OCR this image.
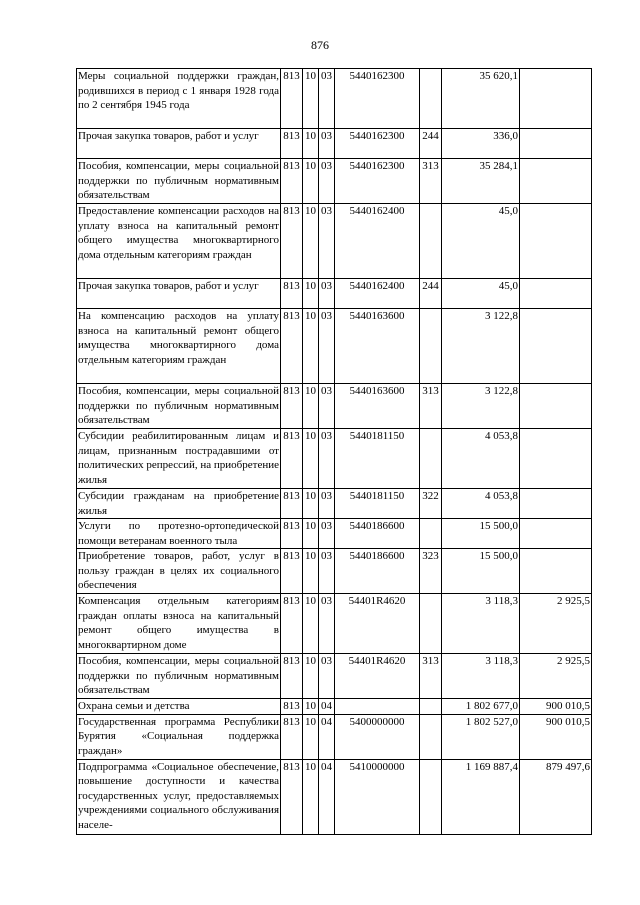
876
Меры социальной поддержки граждан, родившихся в период с 1 января 1928 года по 2 сентября 1945 года	813	10	03	5440162300		35 620,1	
Прочая закупка товаров, работ и услуг	813	10	03	5440162300	244	336,0	
Пособия, компенсации, меры социальной поддержки по публичным нормативным обязательствам	813	10	03	5440162300	313	35 284,1	
Предоставление компенсации расходов на уплату взноса на капитальный ремонт общего имущества многоквартирного дома отдельным категориям граждан	813	10	03	5440162400		45,0	
Прочая закупка товаров, работ и услуг	813	10	03	5440162400	244	45,0	
На компенсацию расходов на уплату взноса на капитальный ремонт общего имущества многоквартирного дома отдельным категориям граждан	813	10	03	5440163600		3 122,8	
Пособия, компенсации, меры социальной поддержки по публичным нормативным обязательствам	813	10	03	5440163600	313	3 122,8	
Субсидии реабилитированным лицам и лицам, признанным пострадавшими от политических репрессий, на приобретение жилья	813	10	03	5440181150		4 053,8	
Субсидии гражданам на приобретение жилья	813	10	03	5440181150	322	4 053,8	
Услуги по протезно-ортопедической помощи ветеранам военного тыла	813	10	03	5440186600		15 500,0	
Приобретение товаров, работ, услуг в пользу граждан в целях их социального обеспечения	813	10	03	5440186600	323	15 500,0	
Компенсация отдельным категориям граждан оплаты взноса на капитальный ремонт общего имущества в многоквартирном доме	813	10	03	54401R4620		3 118,3	2 925,5
Пособия, компенсации, меры социальной поддержки по публичным нормативным обязательствам	813	10	03	54401R4620	313	3 118,3	2 925,5
Охрана семьи и детства	813	10	04			1 802 677,0	900 010,5
Государственная программа Республики Бурятия «Социальная поддержка граждан»	813	10	04	5400000000		1 802 527,0	900 010,5
Подпрограмма «Социальное обеспечение, повышение доступности и качества государственных услуг, предоставляемых учреждениями социального обслуживания населе-	813	10	04	5410000000		1 169 887,4	879 497,6
